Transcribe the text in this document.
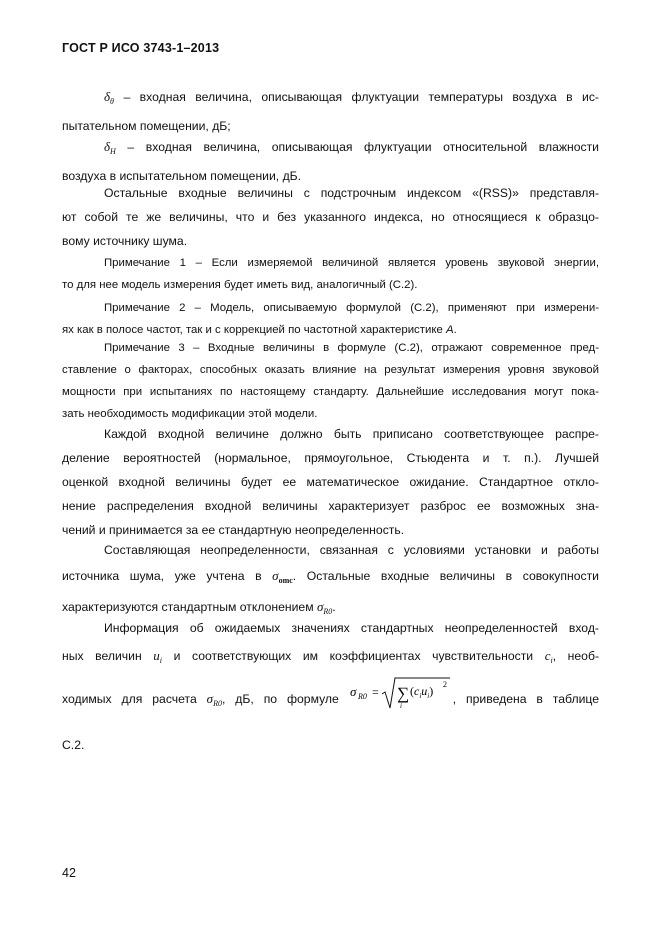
ГОСТ Р ИСО 3743-1–2013
$\delta_\theta$ – входная величина, описывающая флуктуации температуры воздуха в ис-
пытательном помещении, дБ;
$\delta_H$ – входная величина, описывающая флуктуации относительной влажности
воздуха в испытательном помещении, дБ.
Остальные входные величины с подстрочным индексом «(RSS)» представля-
ют собой те же величины, что и без указанного индекса, но относящиеся к образцо-
вому источнику шума.
Примечание 1 – Если измеряемой величиной является уровень звуковой энергии,
то для нее модель измерения будет иметь вид, аналогичный (С.2).
Примечание 2 – Модель, описываемую формулой (С.2), применяют при измерени-
ях как в полосе частот, так и с коррекцией по частотной характеристике А.
Примечание 3 – Входные величины в формуле (С.2), отражают современное пред-
ставление о факторах, способных оказать влияние на результат измерения уровня звуковой
мощности при испытаниях по настоящему стандарту. Дальнейшие исследования могут пока-
зать необходимость модификации этой модели.
Каждой входной величине должно быть приписано соответствующее распре-
деление вероятностей (нормальное, прямоугольное, Стьюдента и т. п.). Лучшей
оценкой входной величины будет ее математическое ожидание. Стандартное откло-
нение распределения входной величины характеризует разброс ее возможных зна-
чений и принимается за ее стандартную неопределенность.
Составляющая неопределенности, связанная с условиями установки и работы
источника шума, уже учтена в $\sigma_{omc}$. Остальные входные величины в совокупности
характеризуются стандартным отклонением $\sigma_{R0}$.
Информация об ожидаемых значениях стандартных неопределенностей вход-
ных величин $u_i$ и соответствующих им коэффициентах чувствительности $c_i$, необ-
ходимых для расчета $\sigma_{R0}$, дБ, по формуле
σ R0 = ∑
i
$(c_iu_i)$ 2
, приведена в таблице
С.2.
42
